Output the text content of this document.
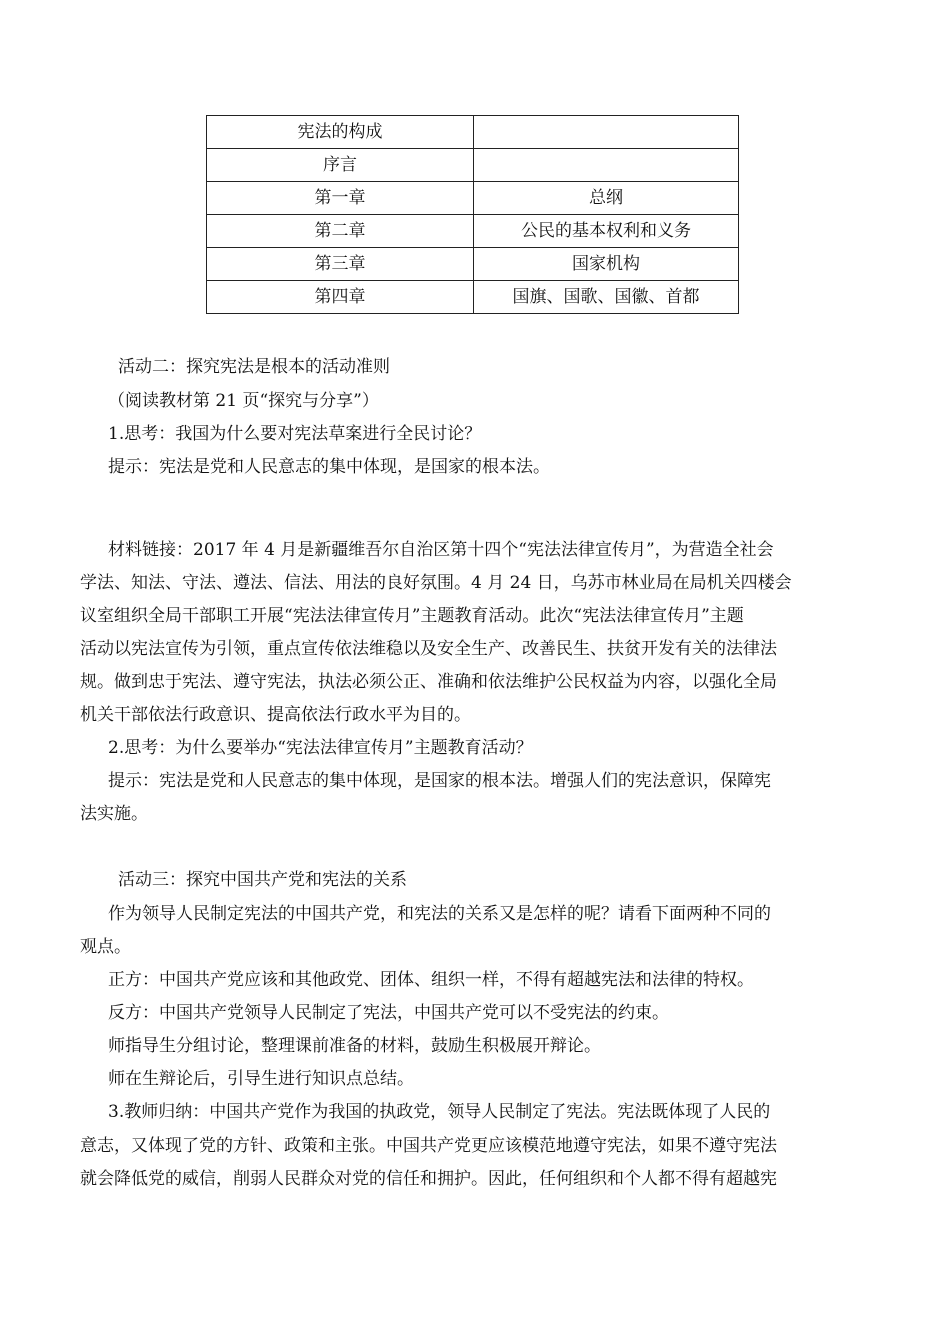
宪法的构成	
序言	
第一章	总纲
第二章	公民的基本权利和义务
第三章	国家机构
第四章	国旗、国歌、国徽、首都
活动二：探究宪法是根本的活动准则
（阅读教材第 21 页“探究与分享”）
1.思考：我国为什么要对宪法草案进行全民讨论？
提示：宪法是党和人民意志的集中体现，是国家的根本法。
材料链接：2017 年 4 月是新疆维吾尔自治区第十四个“宪法法律宣传月”，为营造全社会
学法、知法、守法、遵法、信法、用法的良好氛围。4 月 24 日，乌苏市林业局在局机关四楼会
议室组织全局干部职工开展“宪法法律宣传月”主题教育活动。此次“宪法法律宣传月”主题
活动以宪法宣传为引领，重点宣传依法维稳以及安全生产、改善民生、扶贫开发有关的法律法
规。做到忠于宪法、遵守宪法，执法必须公正、准确和依法维护公民权益为内容，以强化全局
机关干部依法行政意识、提高依法行政水平为目的。
2.思考：为什么要举办“宪法法律宣传月”主题教育活动？
提示：宪法是党和人民意志的集中体现，是国家的根本法。增强人们的宪法意识，保障宪
法实施。
活动三：探究中国共产党和宪法的关系
作为领导人民制定宪法的中国共产党，和宪法的关系又是怎样的呢？请看下面两种不同的
观点。
正方：中国共产党应该和其他政党、团体、组织一样，不得有超越宪法和法律的特权。
反方：中国共产党领导人民制定了宪法，中国共产党可以不受宪法的约束。
师指导生分组讨论，整理课前准备的材料，鼓励生积极展开辩论。
师在生辩论后，引导生进行知识点总结。
3.教师归纳：中国共产党作为我国的执政党，领导人民制定了宪法。宪法既体现了人民的
意志，又体现了党的方针、政策和主张。中国共产党更应该模范地遵守宪法，如果不遵守宪法
就会降低党的威信，削弱人民群众对党的信任和拥护。因此，任何组织和个人都不得有超越宪
